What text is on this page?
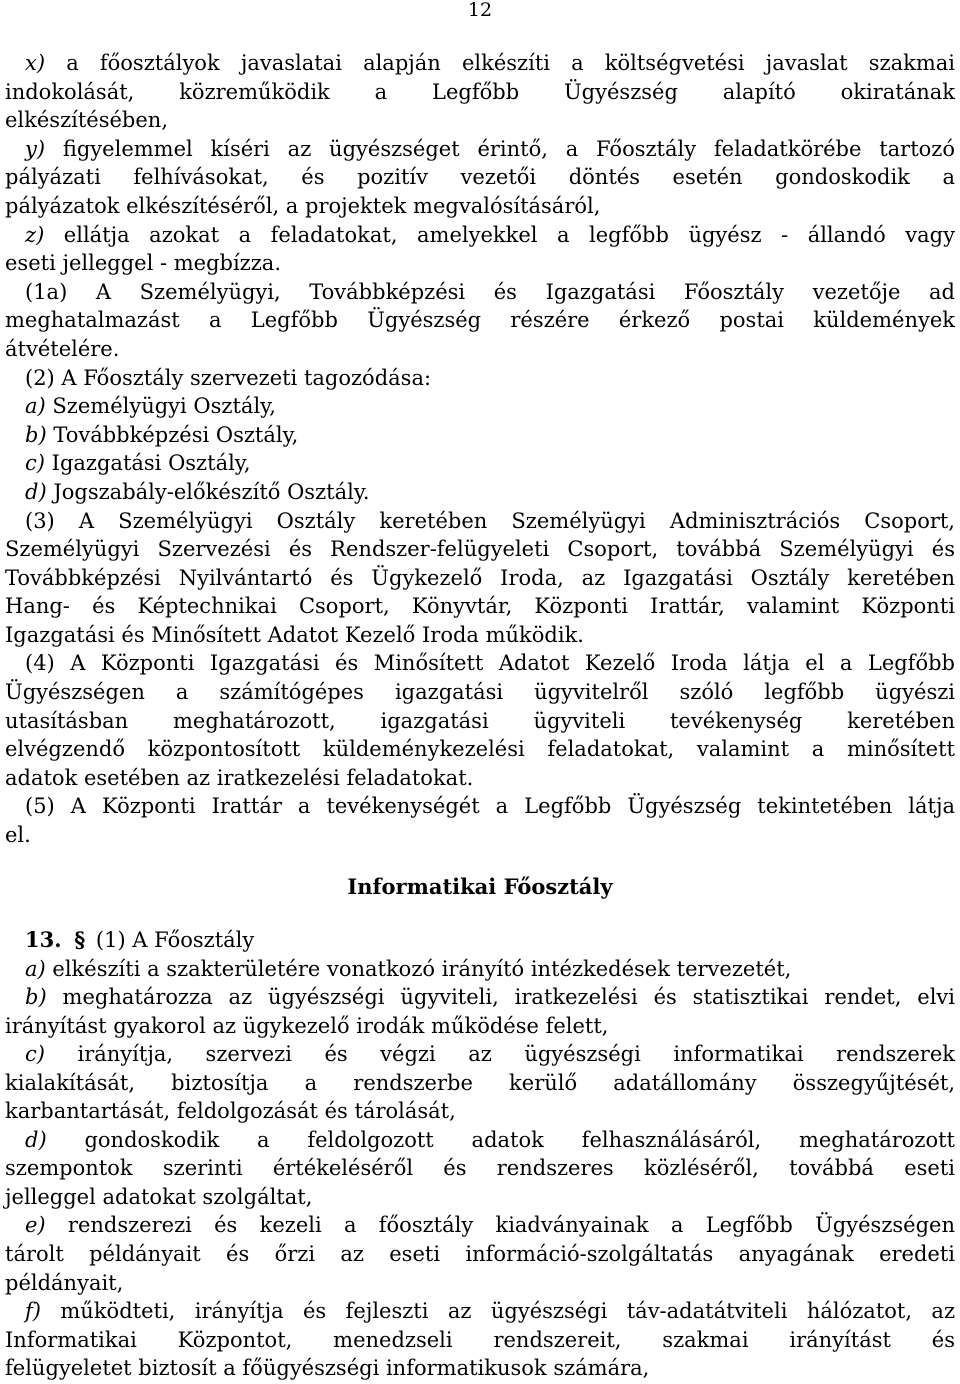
12
x) a főosztályok javaslatai alapján elkészíti a költségvetési javaslat szakmai
indokolását, közreműködik a Legfőbb Ügyészség alapító okiratának
elkészítésében,
y) figyelemmel kíséri az ügyészséget érintő, a Főosztály feladatkörébe tartozó
pályázati felhívásokat, és pozitív vezetői döntés esetén gondoskodik a
pályázatok elkészítéséről, a projektek megvalósításáról,
z) ellátja azokat a feladatokat, amelyekkel a legfőbb ügyész - állandó vagy
eseti jelleggel - megbízza.
(1a) A Személyügyi, Továbbképzési és Igazgatási Főosztály vezetője ad
meghatalmazást a Legfőbb Ügyészség részére érkező postai küldemények
átvételére.
(2) A Főosztály szervezeti tagozódása:
a) Személyügyi Osztály,
b) Továbbképzési Osztály,
c) Igazgatási Osztály,
d) Jogszabály-előkészítő Osztály.
(3) A Személyügyi Osztály keretében Személyügyi Adminisztrációs Csoport,
Személyügyi Szervezési és Rendszer-felügyeleti Csoport, továbbá Személyügyi és
Továbbképzési Nyilvántartó és Ügykezelő Iroda, az Igazgatási Osztály keretében
Hang- és Képtechnikai Csoport, Könyvtár, Központi Irattár, valamint Központi
Igazgatási és Minősített Adatot Kezelő Iroda működik.
(4) A Központi Igazgatási és Minősített Adatot Kezelő Iroda látja el a Legfőbb
Ügyészségen a számítógépes igazgatási ügyvitelről szóló legfőbb ügyészi
utasításban meghatározott, igazgatási ügyviteli tevékenység keretében
elvégzendő központosított küldeménykezelési feladatokat, valamint a minősített
adatok esetében az iratkezelési feladatokat.
(5) A Központi Irattár a tevékenységét a Legfőbb Ügyészség tekintetében látja
el.
Informatikai Főosztály
13. § (1) A Főosztály
a) elkészíti a szakterületére vonatkozó irányító intézkedések tervezetét,
b) meghatározza az ügyészségi ügyviteli, iratkezelési és statisztikai rendet, elvi
irányítást gyakorol az ügykezelő irodák működése felett,
c) irányítja, szervezi és végzi az ügyészségi informatikai rendszerek
kialakítását, biztosítja a rendszerbe kerülő adatállomány összegyűjtését,
karbantartását, feldolgozását és tárolását,
d) gondoskodik a feldolgozott adatok felhasználásáról, meghatározott
szempontok szerinti értékeléséről és rendszeres közléséről, továbbá eseti
jelleggel adatokat szolgáltat,
e) rendszerezi és kezeli a főosztály kiadványainak a Legfőbb Ügyészségen
tárolt példányait és őrzi az eseti információ-szolgáltatás anyagának eredeti
példányait,
f) működteti, irányítja és fejleszti az ügyészségi táv-adatátviteli hálózatot, az
Informatikai Központot, menedzseli rendszereit, szakmai irányítást és
felügyeletet biztosít a főügyészségi informatikusok számára,
